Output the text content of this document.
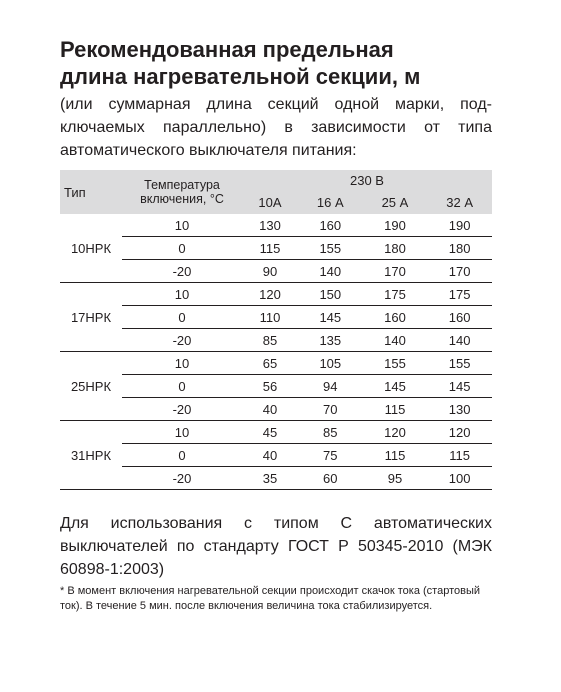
Рекомендованная предельная
длина нагревательной секции, м
(или суммарная длина секций одной марки, под-ключаемых параллельно) в зависимости от типа автоматического выключателя питания:
Тип	Температура
включения, °С	230 В			
		10А	16 А	25 А	32 А
10НРК	10	130	160	190	190
	0	115	155	180	180
	-20	90	140	170	170
17НРК	10	120	150	175	175
	0	110	145	160	160
	-20	85	135	140	140
25НРК	10	65	105	155	155
	0	56	94	145	145
	-20	40	70	115	130
31НРК	10	45	85	120	120
	0	40	75	115	115
	-20	35	60	95	100
Для использования с типом С автоматических выключателей по стандарту ГОСТ Р 50345-2010 (МЭК 60898-1:2003)
* В момент включения нагревательной секции происходит скачок тока (стартовый ток). В течение 5 мин. после включения величина тока стабилизируется.
